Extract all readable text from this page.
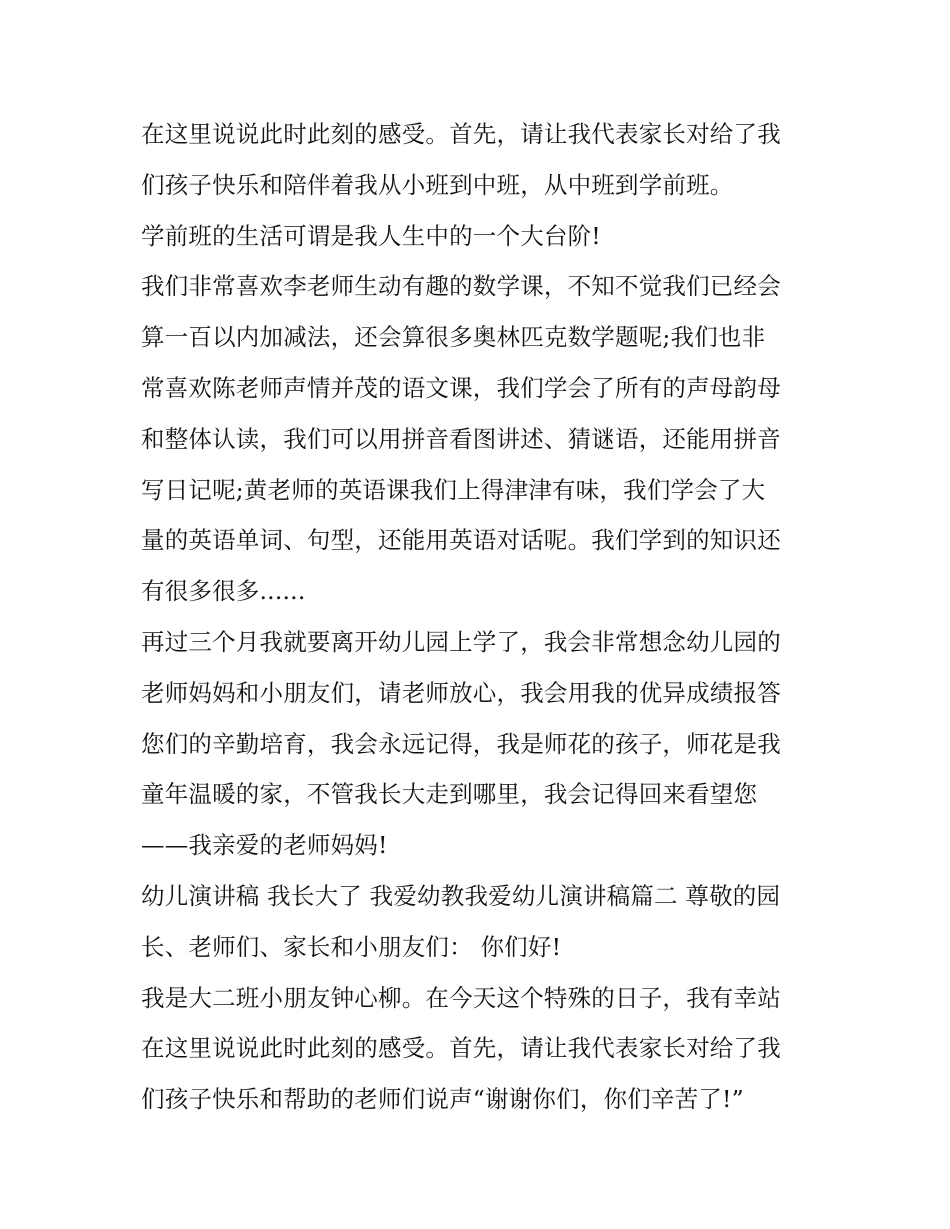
在这里说说此时此刻的感受。首先，请让我代表家长对给了我
们孩子快乐和陪伴着我从小班到中班，从中班到学前班。
学前班的生活可谓是我人生中的一个大台阶!
我们非常喜欢李老师生动有趣的数学课，不知不觉我们已经会
算一百以内加减法，还会算很多奥林匹克数学题呢;我们也非
常喜欢陈老师声情并茂的语文课，我们学会了所有的声母韵母
和整体认读，我们可以用拼音看图讲述、猜谜语，还能用拼音
写日记呢;黄老师的英语课我们上得津津有味，我们学会了大
量的英语单词、句型，还能用英语对话呢。我们学到的知识还
有很多很多......
再过三个月我就要离开幼儿园上学了，我会非常想念幼儿园的
老师妈妈和小朋友们，请老师放心，我会用我的优异成绩报答
您们的辛勤培育，我会永远记得，我是师花的孩子，师花是我
童年温暖的家，不管我长大走到哪里，我会记得回来看望您
——我亲爱的老师妈妈!
幼儿演讲稿 我长大了 我爱幼教我爱幼儿演讲稿篇二 尊敬的园
长、老师们、家长和小朋友们： 你们好!
我是大二班小朋友钟心柳。在今天这个特殊的日子，我有幸站
在这里说说此时此刻的感受。首先，请让我代表家长对给了我
们孩子快乐和帮助的老师们说声“谢谢你们，你们辛苦了!”
